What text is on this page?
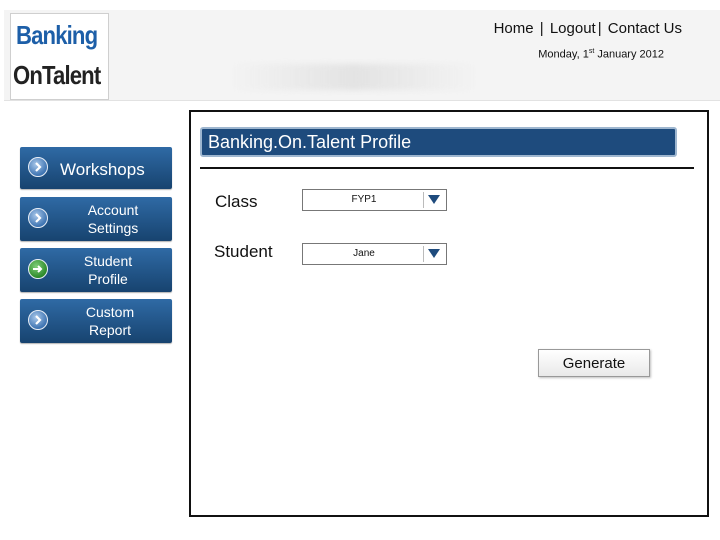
Banking
OnTalent
Home | Logout | Contact Us
Monday, 1st January 2012
Workshops
Account Settings
Student Profile
Custom Report
Banking.On.Talent Profile
Class	FYP1
Student	Jane
Generate
